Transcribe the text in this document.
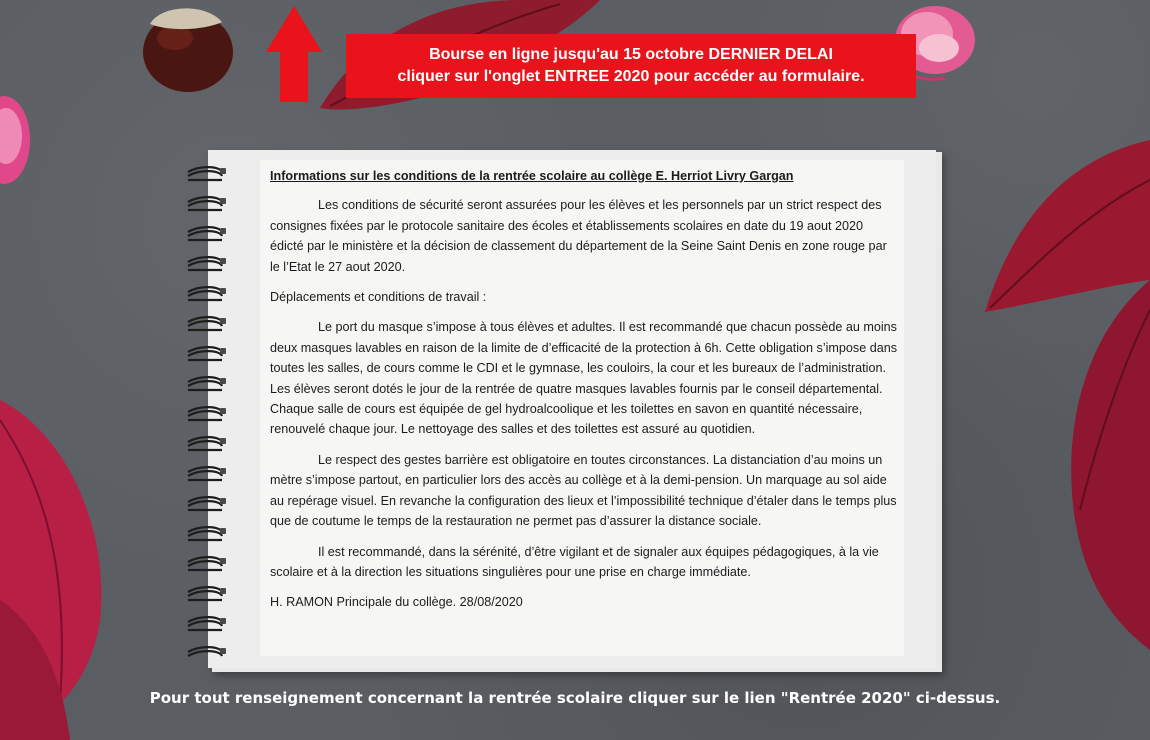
Bourse en ligne jusqu'au 15 octobre DERNIER DELAI
cliquer sur l'onglet ENTREE 2020 pour accéder au formulaire.

Informations sur les conditions de la rentrée scolaire au collège E. Herriot Livry Gargan

Les conditions de sécurité seront assurées pour les élèves et les personnels par un strict respect des consignes fixées par le protocole sanitaire des écoles et établissements scolaires en date du 19 aout 2020 édicté par le ministère et la décision de classement du département de la Seine Saint Denis en zone rouge par le l’Etat le 27 aout 2020.

Déplacements et conditions de travail :

Le port du masque s’impose à tous élèves et adultes. Il est recommandé que chacun possède au moins deux masques lavables en raison de la limite de d’efficacité de la protection à 6h. Cette obligation s’impose dans toutes les salles, de cours comme le CDI et le gymnase, les couloirs, la cour et les bureaux de l’administration. Les élèves seront dotés le jour de la rentrée de quatre masques lavables fournis par le conseil départemental. Chaque salle de cours est équipée de gel hydroalcoolique et les toilettes en savon en quantité nécessaire, renouvelé chaque jour. Le nettoyage des salles et des toilettes est assuré au quotidien.

Le respect des gestes barrière est obligatoire en toutes circonstances. La distanciation d’au moins un mètre s’impose partout, en particulier lors des accès au collège et à la demi-pension. Un marquage au sol aide au repérage visuel. En revanche la configuration des lieux et l’impossibilité technique d’étaler dans le temps plus que de coutume le temps de la restauration ne permet pas d’assurer la distance sociale.

Il est recommandé, dans la sérénité, d’être vigilant et de signaler aux équipes pédagogiques, à la vie scolaire et à la direction les situations singulières pour une prise en charge immédiate.

H. RAMON Principale du collège. 28/08/2020

Pour tout renseignement concernant la rentrée scolaire cliquer sur le lien "Rentrée 2020" ci-dessus.
